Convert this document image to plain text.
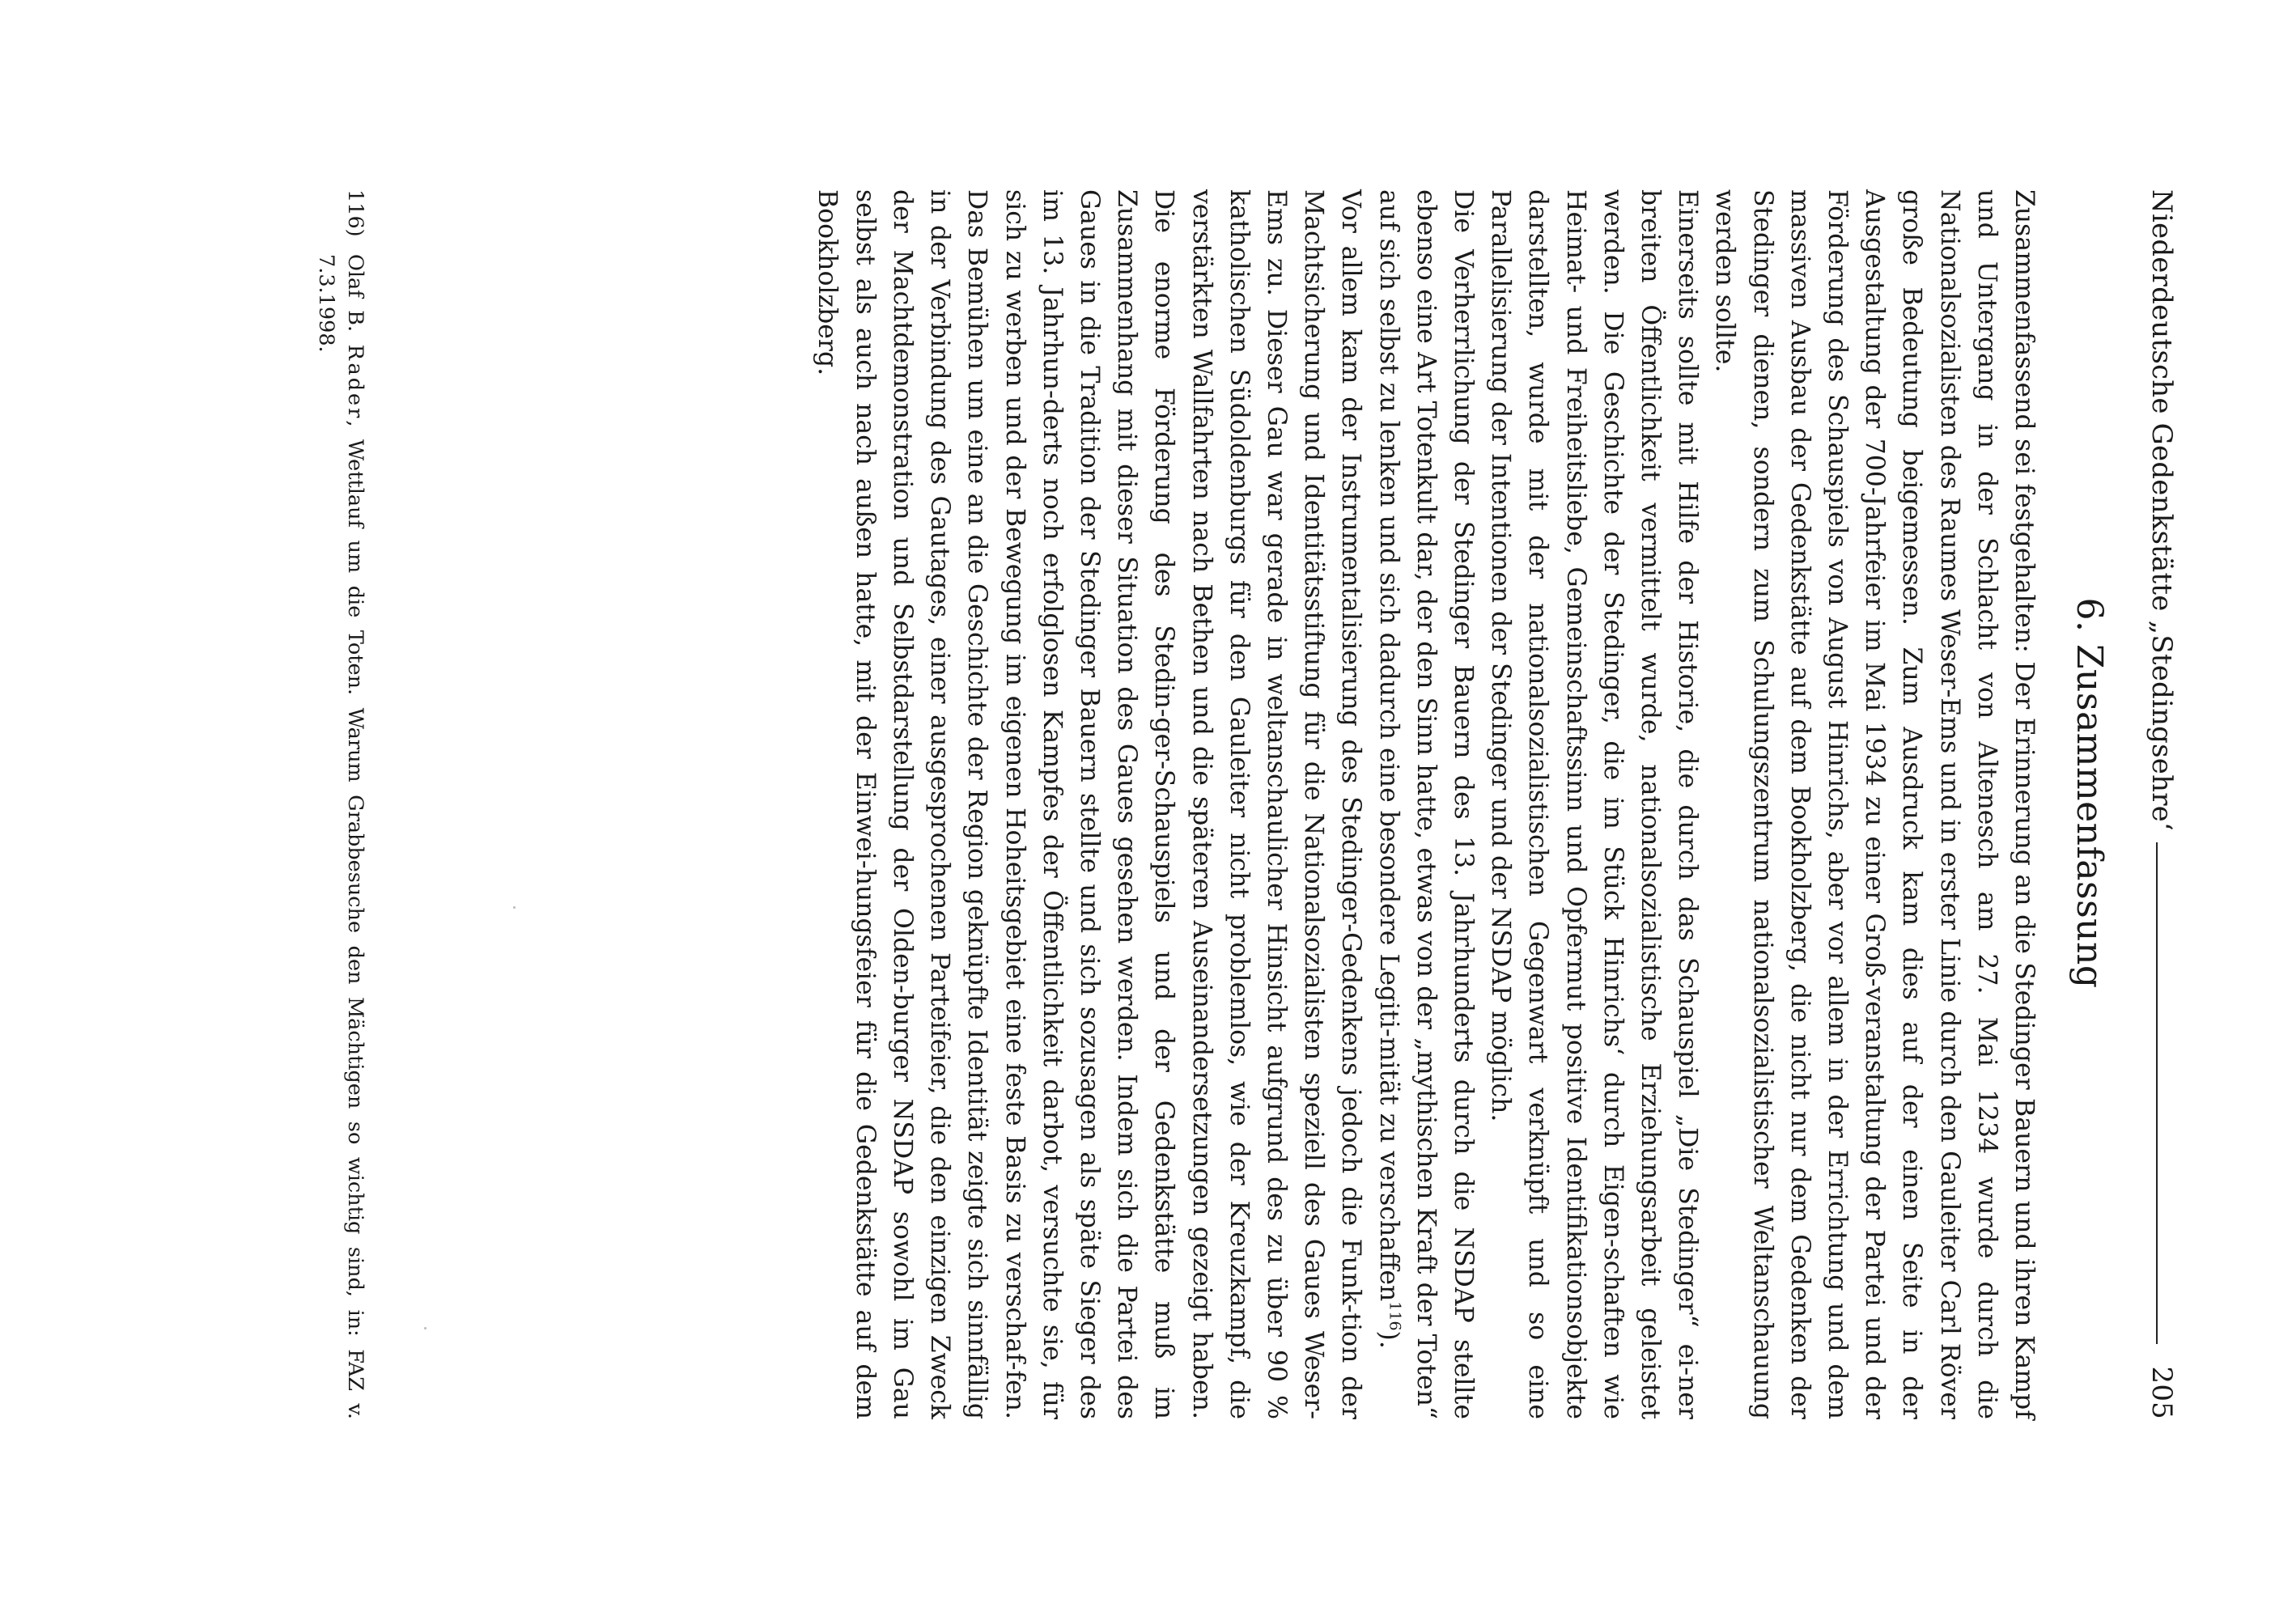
Niederdeutsche Gedenkstätte „Stedingsehre‘
205
6. Zusammenfassung

Zusammenfassend sei festgehalten: Der Erinnerung an die Stedinger Bauern und ihren Kampf und Untergang in der Schlacht von Altenesch am 27. Mai 1234 wurde durch die Nationalsozialisten des Raumes Weser-Ems und in erster Linie durch den Gauleiter Carl Röver große Bedeutung beigemessen. Zum Ausdruck kam dies auf der einen Seite in der Ausgestaltung der 700-Jahrfeier im Mai 1934 zu einer Groß-veranstaltung der Partei und der Förderung des Schauspiels von August Hinrichs, aber vor allem in der Errichtung und dem massiven Ausbau der Gedenkstätte auf dem Bookholzberg, die nicht nur dem Gedenken der Stedinger dienen, sondern zum Schulungszentrum nationalsozialistischer Weltanschauung werden sollte.

Einerseits sollte mit Hilfe der Historie, die durch das Schauspiel „Die Stedinger“ ei-ner breiten Öffentlichkeit vermittelt wurde, nationalsozialistische Erziehungsarbeit geleistet werden. Die Geschichte der Stedinger, die im Stück Hinrichs‘ durch Eigen-schaften wie Heimat- und Freiheitsliebe, Gemeinschaftssinn und Opfermut positive Identifikationsobjekte darstellten, wurde mit der nationalsozialistischen Gegenwart verknüpft und so eine Parallelisierung der Intentionen der Stedinger und der NSDAP möglich.

Die Verherrlichung der Stedinger Bauern des 13. Jahrhunderts durch die NSDAP stellte ebenso eine Art Totenkult dar, der den Sinn hatte, etwas von der „mythischen Kraft der Toten“ auf sich selbst zu lenken und sich dadurch eine besondere Legiti-mität zu verschaffen$^{116}$).

Vor allem kam der Instrumentalisierung des Stedinger-Gedenkens jedoch die Funk-tion der Machtsicherung und Identitätsstiftung für die Nationalsozialisten speziell des Gaues Weser-Ems zu. Dieser Gau war gerade in weltanschaulicher Hinsicht aufgrund des zu über 90 % katholischen Südoldenburgs für den Gauleiter nicht problemlos, wie der Kreuzkampf, die verstärkten Wallfahrten nach Bethen und die späteren Auseinandersetzungen gezeigt haben. Die enorme Förderung des Stedin-ger-Schauspiels und der Gedenkstätte muß im Zusammenhang mit dieser Situation des Gaues gesehen werden. Indem sich die Partei des Gaues in die Tradition der Stedinger Bauern stellte und sich sozusagen als späte Sieger des im 13. Jahrhun-derts noch erfolglosen Kampfes der Öffentlichkeit darbot, versuchte sie, für sich zu werben und der Bewegung im eigenen Hoheitsgebiet eine feste Basis zu verschaf-fen. Das Bemühen um eine an die Geschichte der Region geknüpfte Identität zeigte sich sinnfällig in der Verbindung des Gautages, einer ausgesprochenen Parteifeier, die den einzigen Zweck der Machtdemonstration und Selbstdarstellung der Olden-burger NSDAP sowohl im Gau selbst als auch nach außen hatte, mit der Einwei-hungsfeier für die Gedenkstätte auf dem Bookholzberg.

116)
Olaf B. Rader, Wettlauf um die Toten. Warum Grabbesuche den Mächtigen so wichtig sind, in: FAZ v. 7.3.1998.
